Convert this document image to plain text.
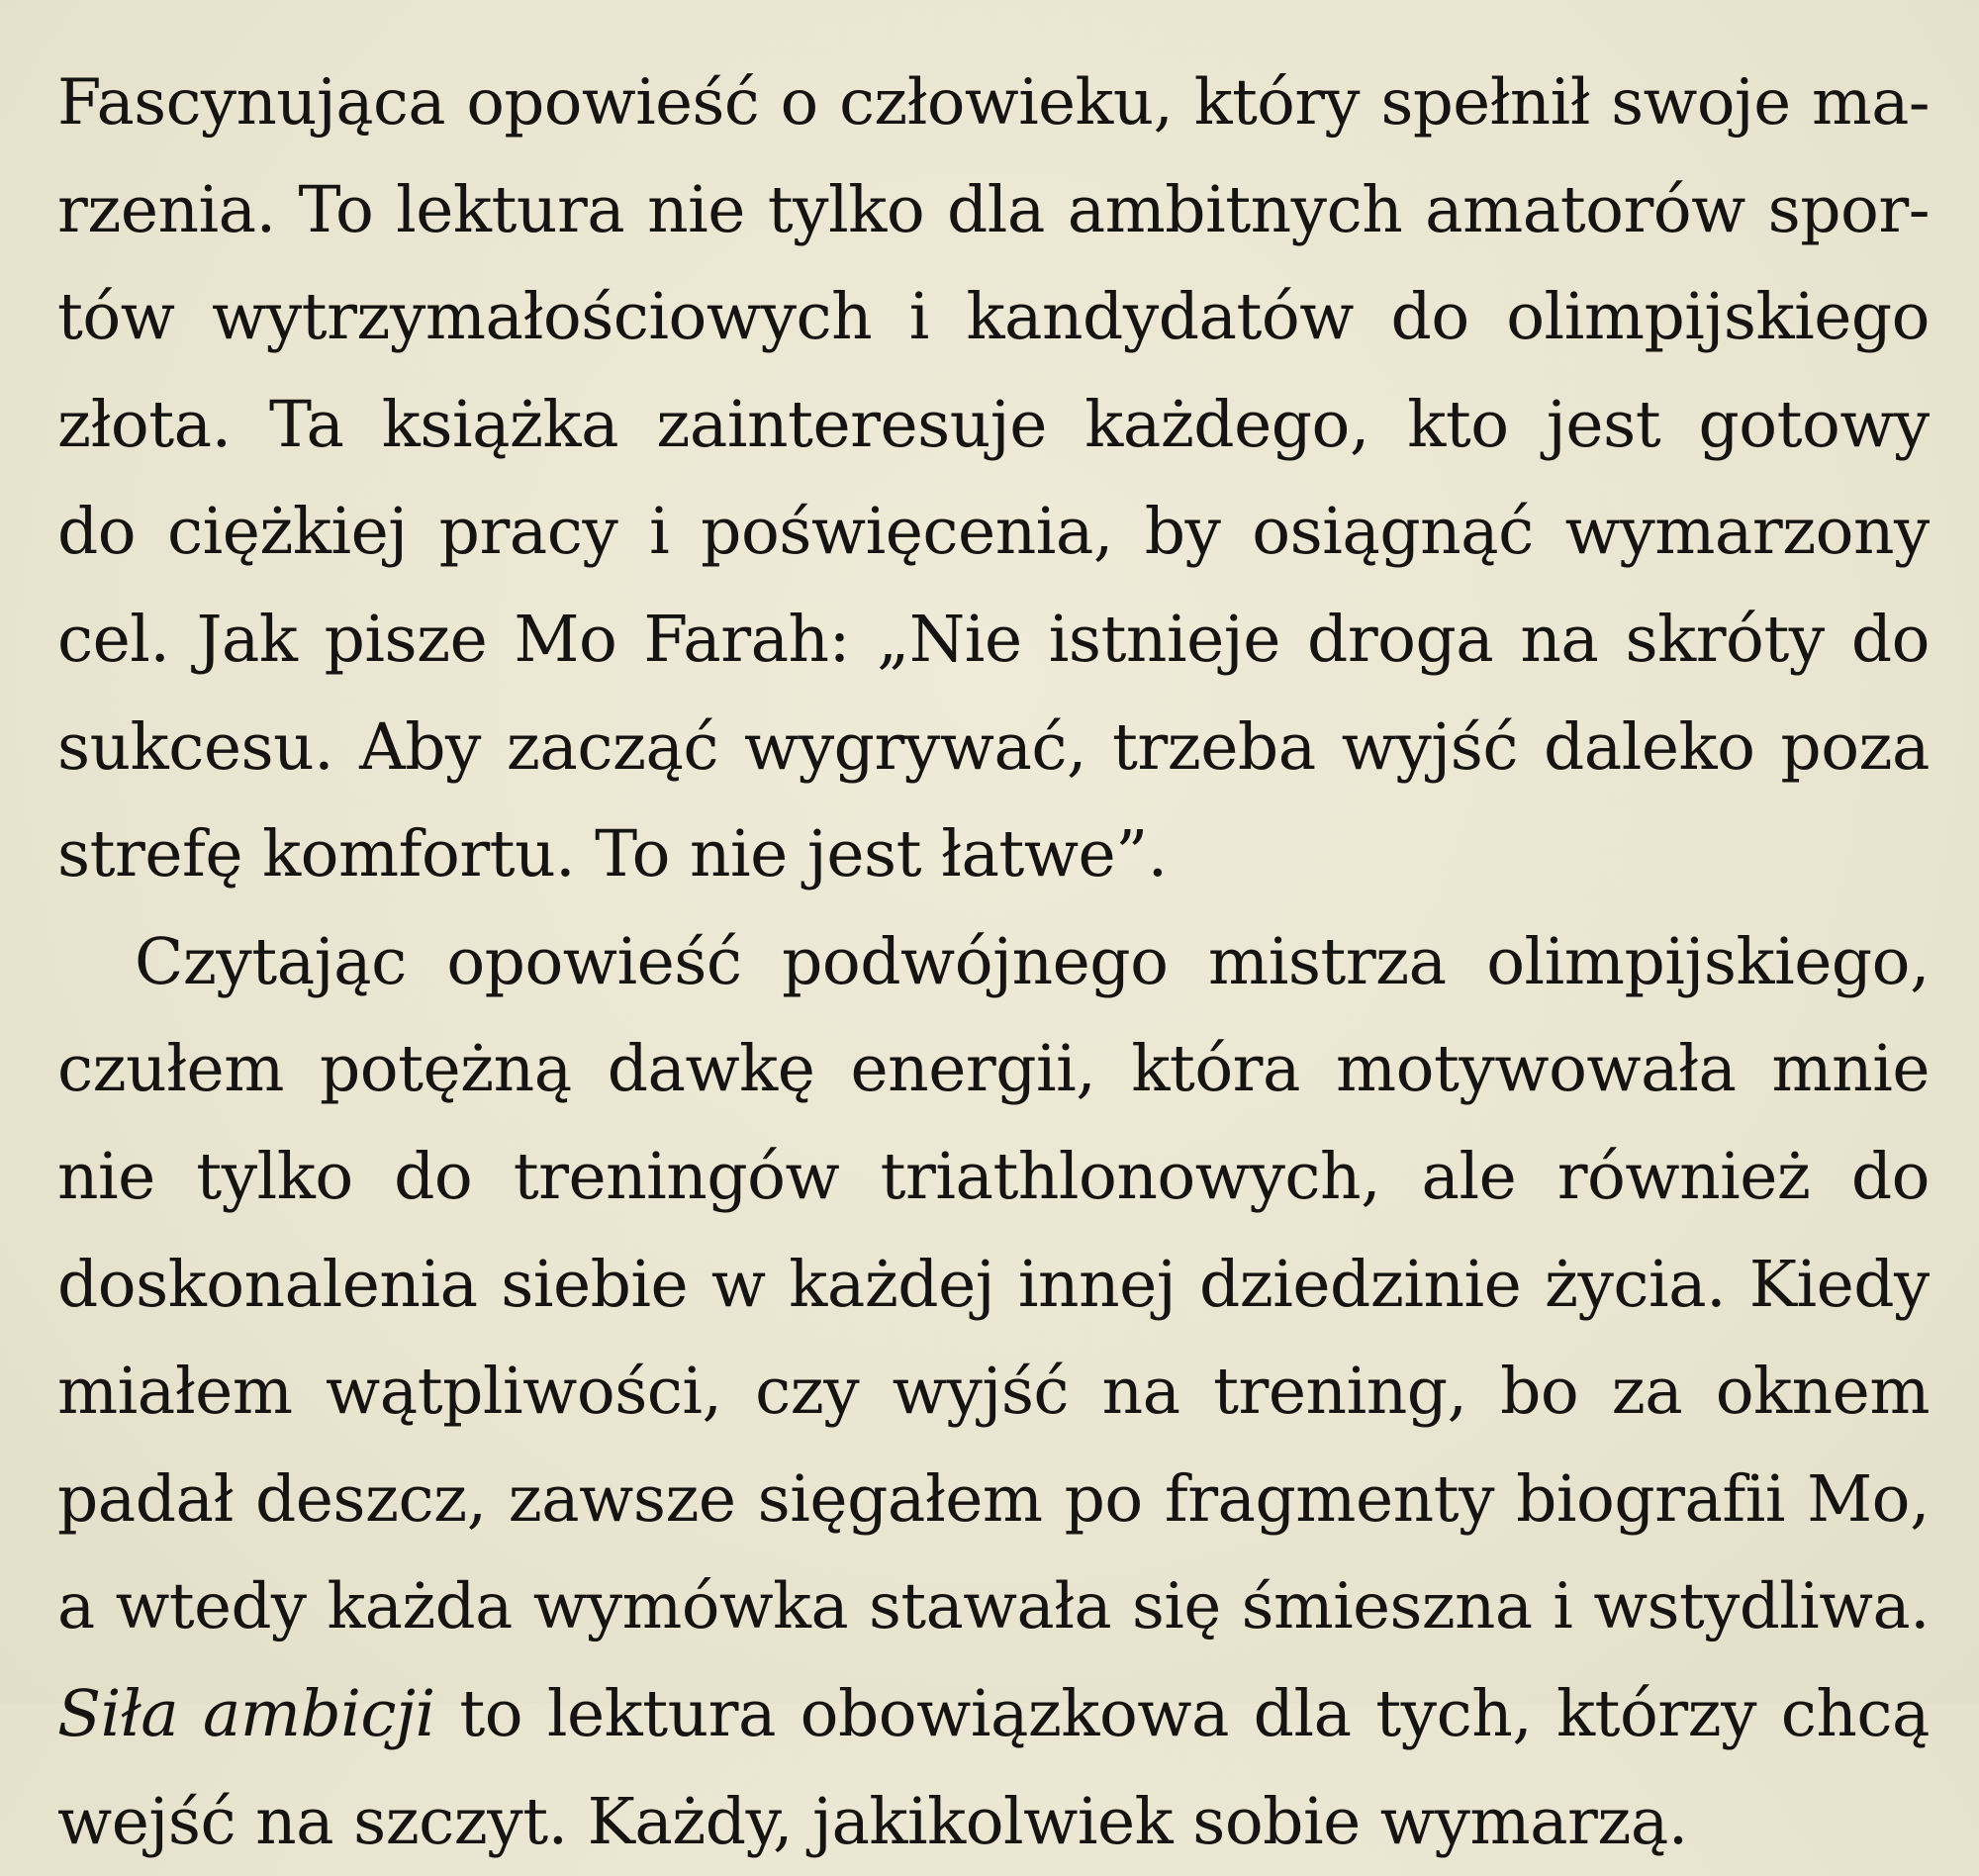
Fascynująca opowieść o człowieku, który spełnił swoje ma-
rzenia. To lektura nie tylko dla ambitnych amatorów spor-
tów wytrzymałościowych i kandydatów do olimpijskiego
złota. Ta książka zainteresuje każdego, kto jest gotowy
do ciężkiej pracy i poświęcenia, by osiągnąć wymarzony
cel. Jak pisze Mo Farah: „Nie istnieje droga na skróty do
sukcesu. Aby zacząć wygrywać, trzeba wyjść daleko poza
strefę komfortu. To nie jest łatwe”.
Czytając opowieść podwójnego mistrza olimpijskiego,
czułem potężną dawkę energii, która motywowała mnie
nie tylko do treningów triathlonowych, ale również do
doskonalenia siebie w każdej innej dziedzinie życia. Kiedy
miałem wątpliwości, czy wyjść na trening, bo za oknem
padał deszcz, zawsze sięgałem po fragmenty biografii Mo,
a wtedy każda wymówka stawała się śmieszna i wstydliwa.
Siła ambicji to lektura obowiązkowa dla tych, którzy chcą
wejść na szczyt. Każdy, jakikolwiek sobie wymarzą.
